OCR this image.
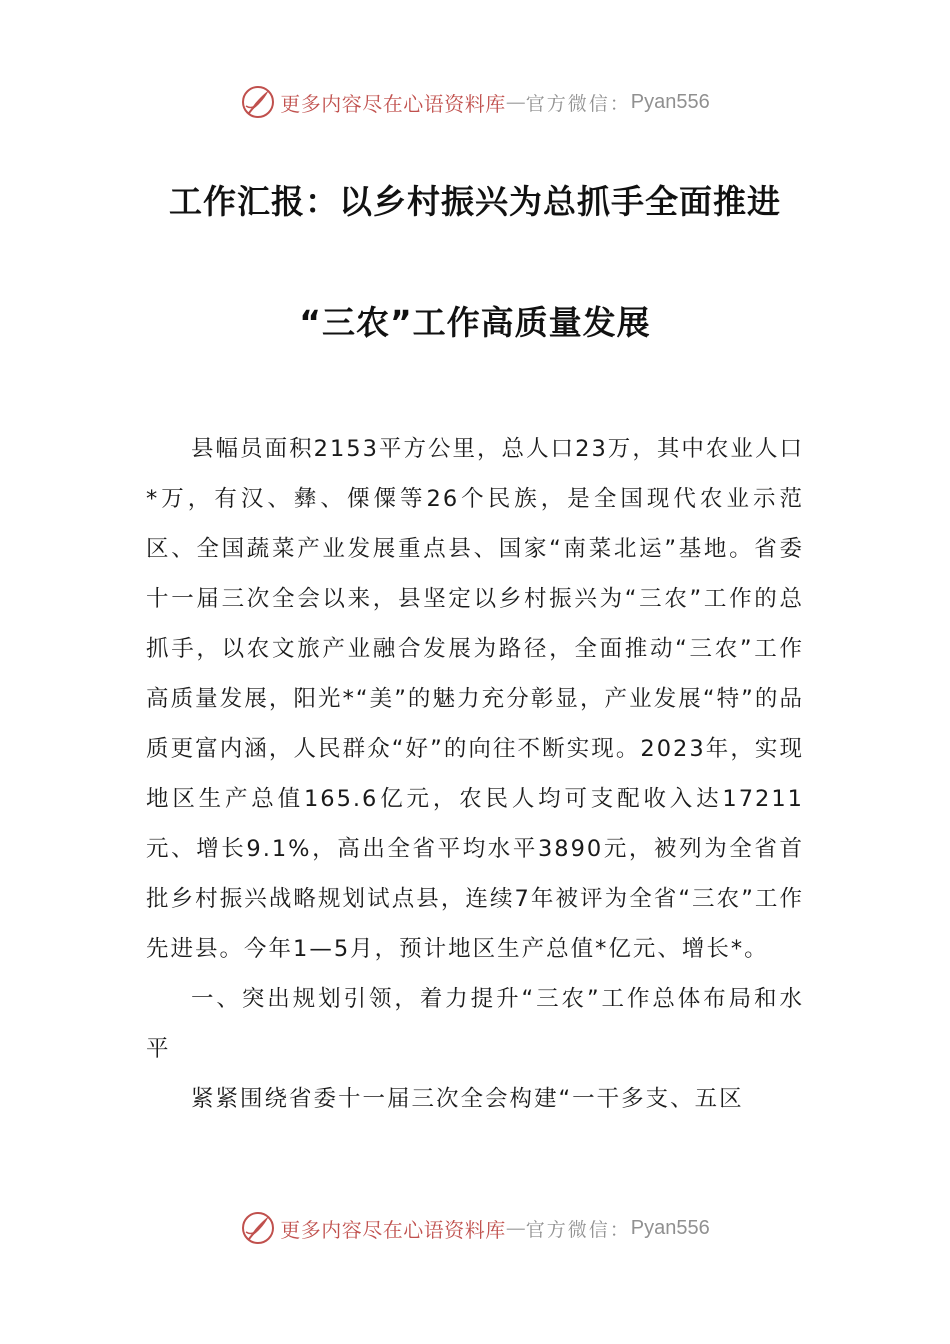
更多内容尽在心语资料库 — 官方微信： Pyan556
工作汇报：以乡村振兴为总抓手全面推进
“三农”工作高质量发展

县幅员面积2153平方公里，总人口23万，其中农业人口*万，有汉、彝、傈僳等26个民族，是全国现代农业示范区、全国蔬菜产业发展重点县、国家“南菜北运”基地。省委十一届三次全会以来，县坚定以乡村振兴为“三农”工作的总抓手，以农文旅产业融合发展为路径，全面推动“三农”工作高质量发展，阳光*“美”的魅力充分彰显，产业发展“特”的品质更富内涵，人民群众“好”的向往不断实现。2023年，实现地区生产总值165.6亿元，农民人均可支配收入达17211元、增长9.1%，高出全省平均水平3890元，被列为全省首批乡村振兴战略规划试点县，连续7年被评为全省“三农”工作先进县。今年1—5月，预计地区生产总值*亿元、增长*。

一、突出规划引领，着力提升“三农”工作总体布局和水平

紧紧围绕省委十一届三次全会构建“一干多支、五区

更多内容尽在心语资料库 — 官方微信： Pyan556
